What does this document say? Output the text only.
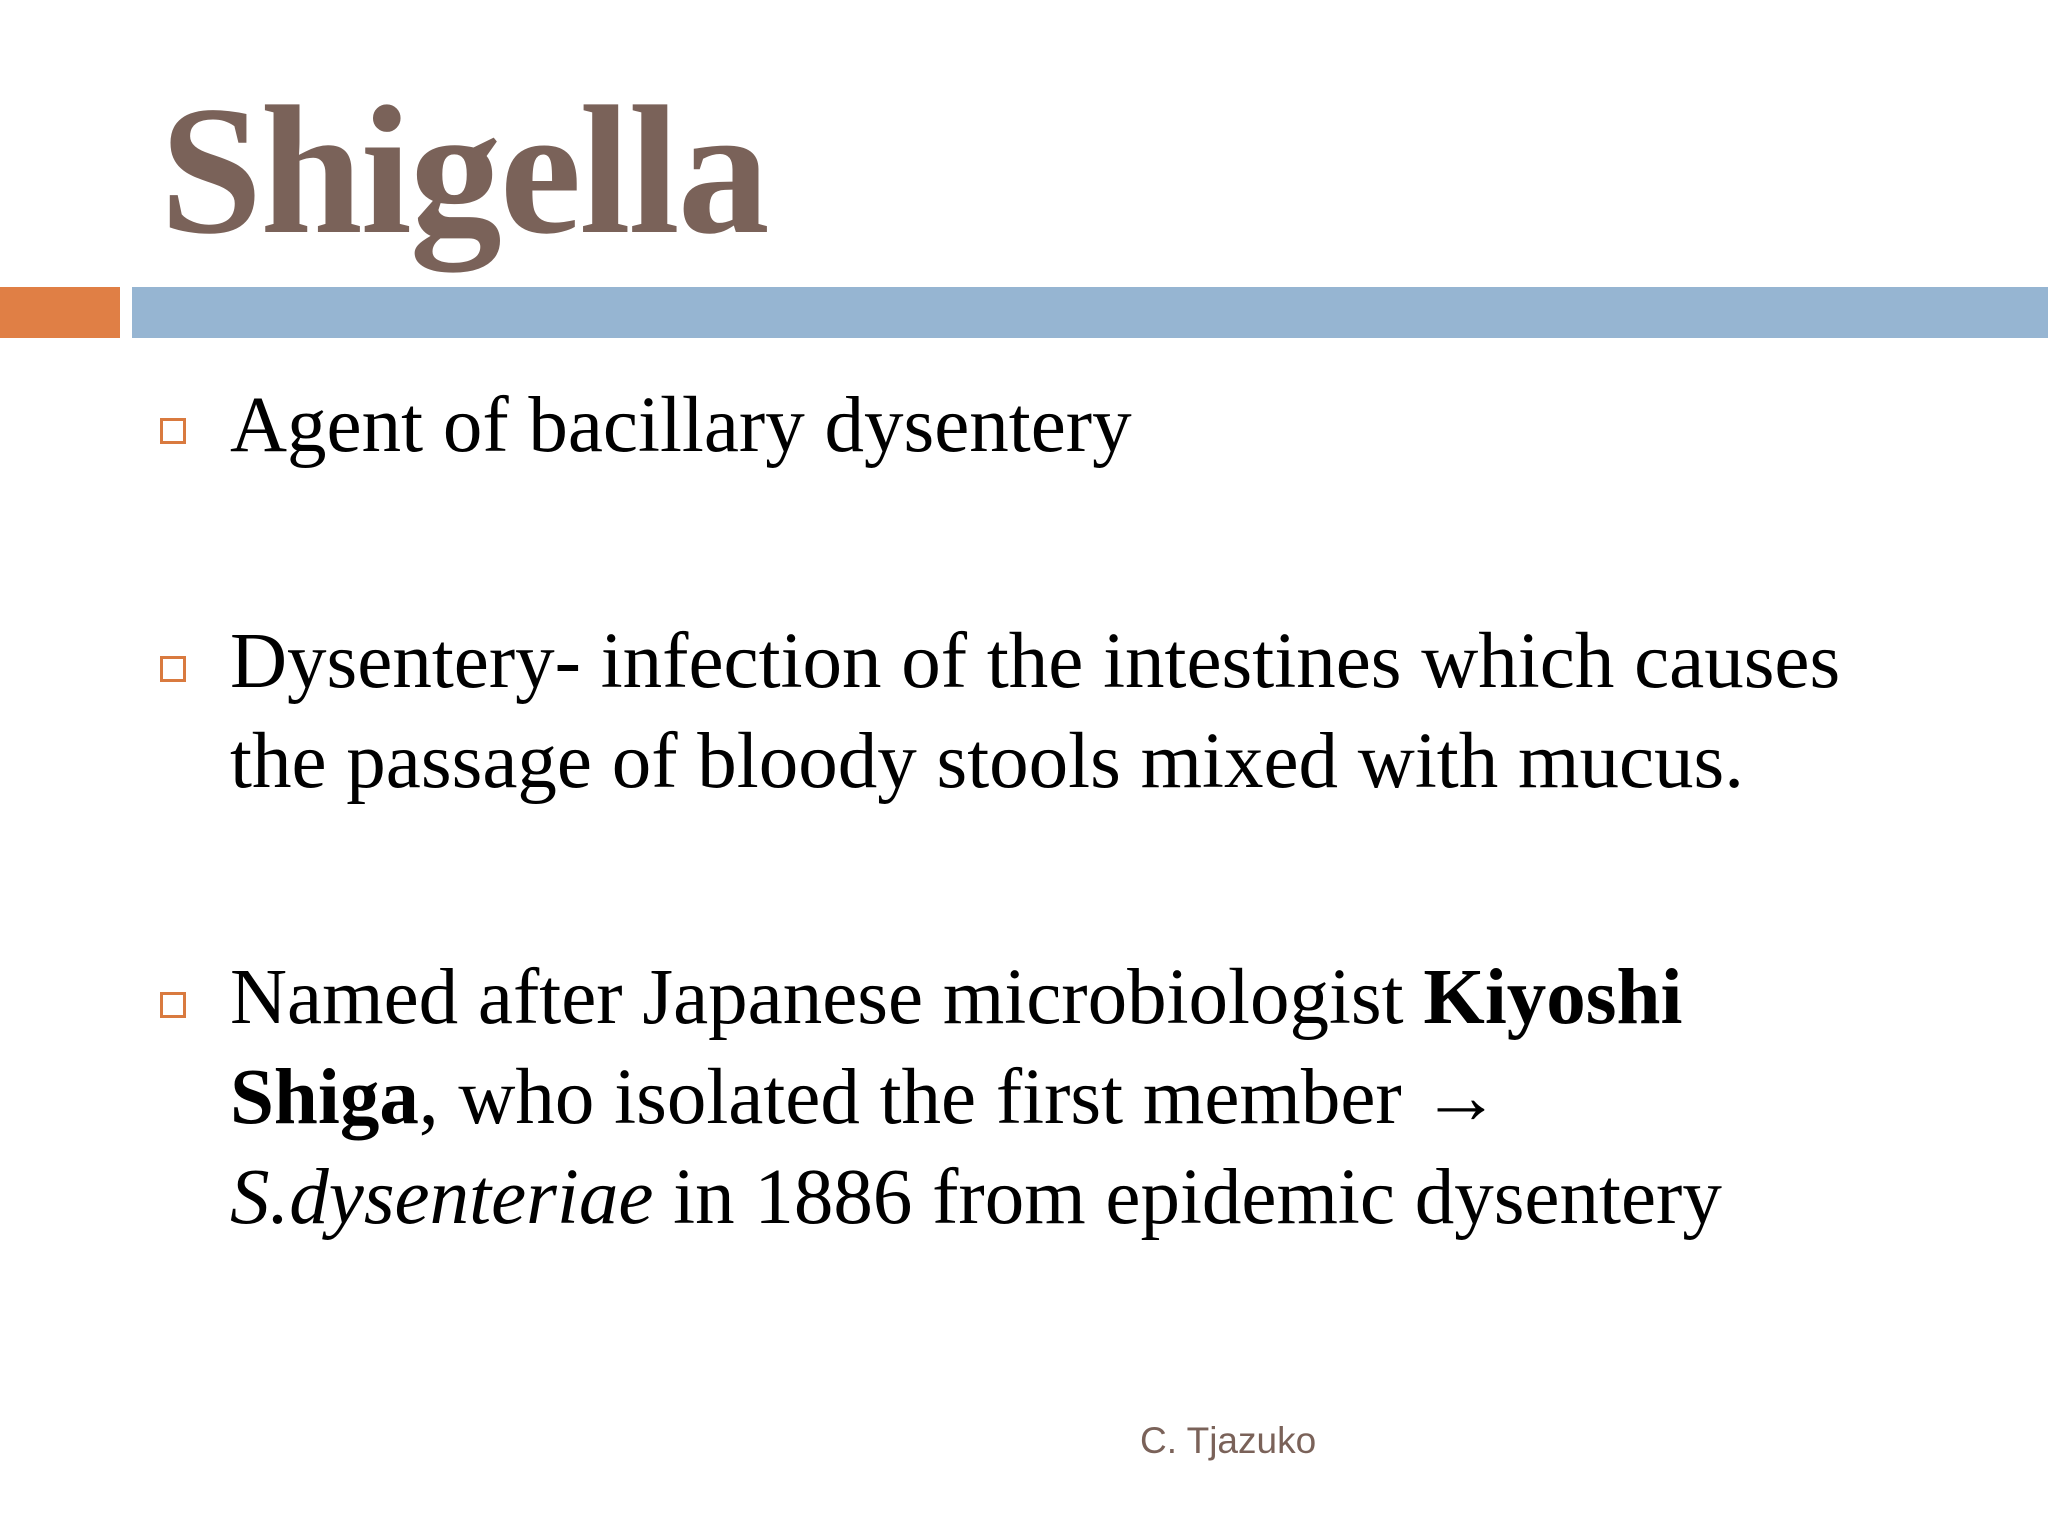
Shigella
Agent of bacillary dysentery
Dysentery- infection of the intestines which causes
the passage of bloody stools mixed with mucus.
Named after Japanese microbiologist Kiyoshi
Shiga, who isolated the first member →
S.dysenteriae in 1886 from epidemic dysentery
C. Tjazuko
